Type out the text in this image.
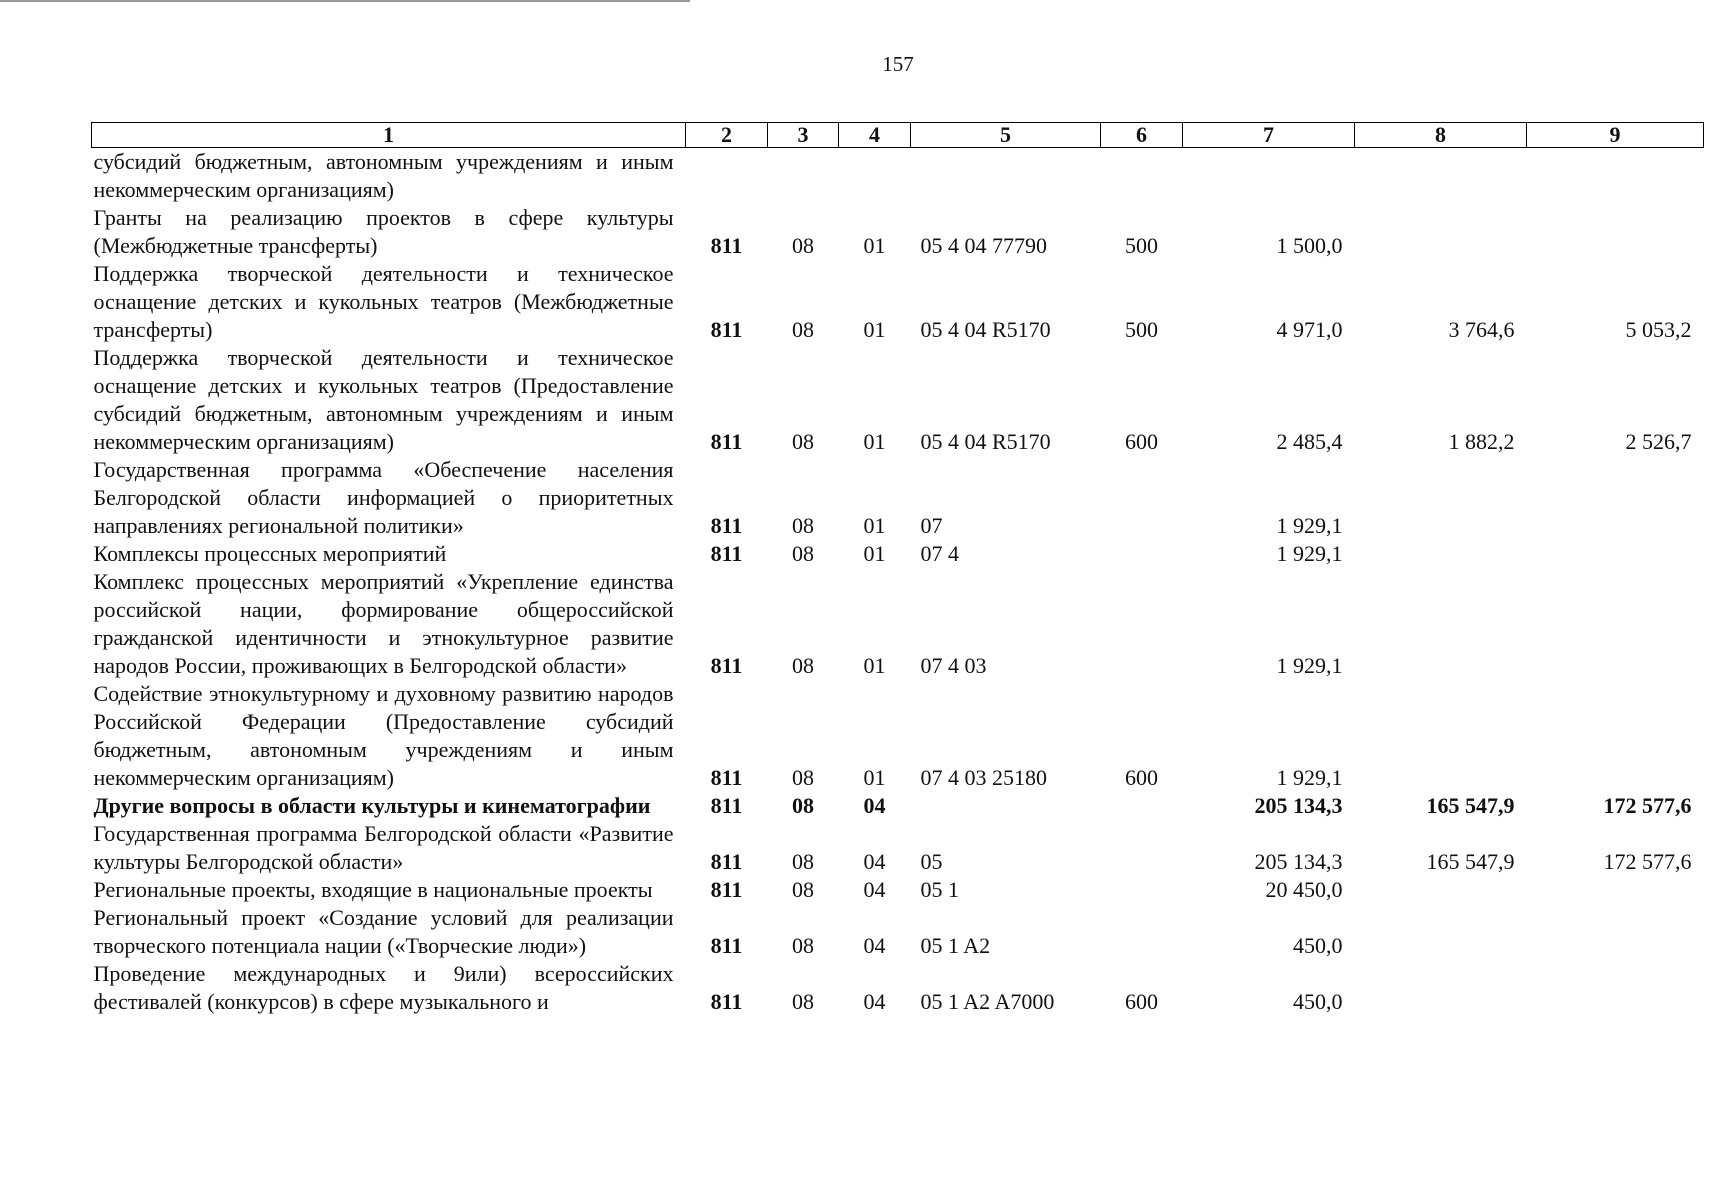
157
1	2	3	4	5	6	7	8	9
субсидий бюджетным, автономным учреждениям и иным некоммерческим организациям)								
Гранты на реализацию проектов в сфере культуры (Межбюджетные трансферты)	811	08	01	05 4 04 77790	500	1 500,0		
Поддержка творческой деятельности и техническое оснащение детских и кукольных театров (Межбюджетные трансферты)	811	08	01	05 4 04 R5170	500	4 971,0	3 764,6	5 053,2
Поддержка творческой деятельности и техническое оснащение детских и кукольных театров (Предоставление субсидий бюджетным, автономным учреждениям и иным некоммерческим организациям)	811	08	01	05 4 04 R5170	600	2 485,4	1 882,2	2 526,7
Государственная программа «Обеспечение населения Белгородской области информацией о приоритетных направлениях региональной политики»	811	08	01	07		1 929,1		
Комплексы процессных мероприятий	811	08	01	07 4		1 929,1		
Комплекс процессных мероприятий «Укрепление единства российской нации, формирование общероссийской гражданской идентичности и этнокультурное развитие народов России, проживающих в Белгородской области»	811	08	01	07 4 03		1 929,1		
Содействие этнокультурному и духовному развитию народов Российской Федерации (Предоставление субсидий бюджетным, автономным учреждениям и иным некоммерческим организациям)	811	08	01	07 4 03 25180	600	1 929,1		
Другие вопросы в области культуры и кинематографии	811	08	04			205 134,3	165 547,9	172 577,6
Государственная программа Белгородской области «Развитие культуры Белгородской области»	811	08	04	05		205 134,3	165 547,9	172 577,6
Региональные проекты, входящие в национальные проекты	811	08	04	05 1		20 450,0		
Региональный проект «Создание условий для реализации творческого потенциала нации («Творческие люди»)	811	08	04	05 1 A2		450,0		
Проведение международных и 9или) всероссийских фестивалей (конкурсов) в сфере музыкального и	811	08	04	05 1 A2 A7000	600	450,0		
